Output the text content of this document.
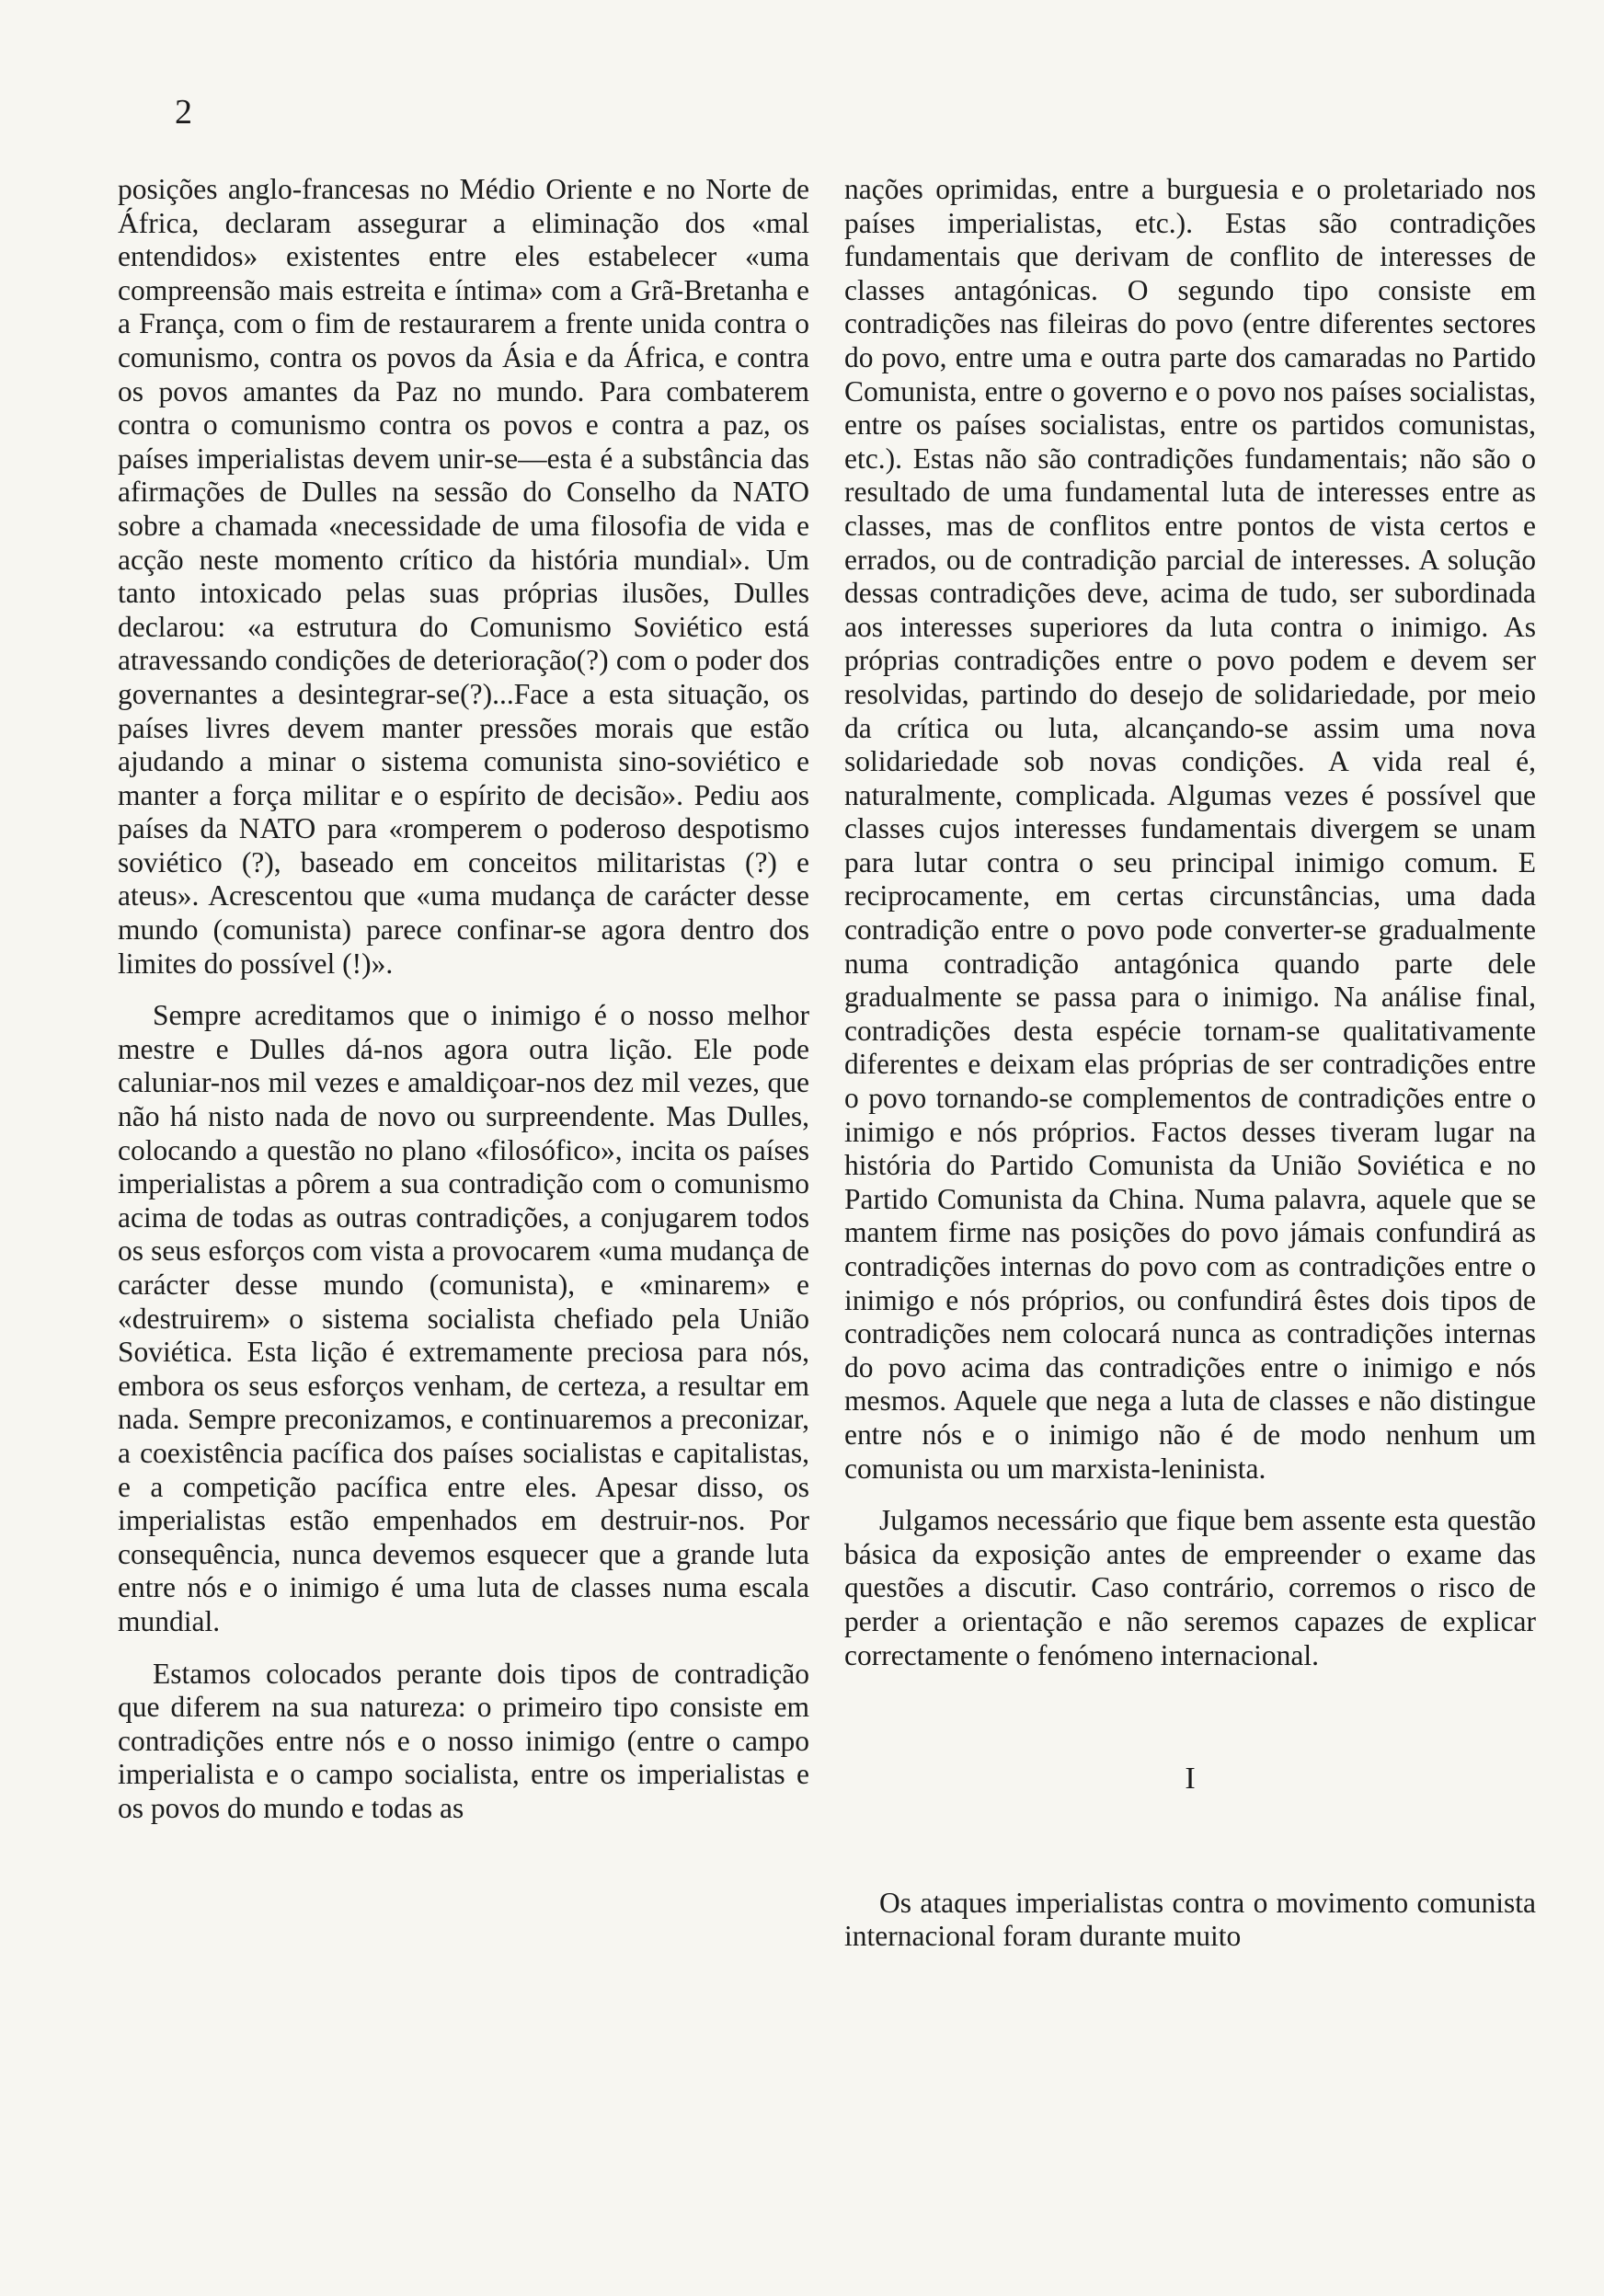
2

posições anglo-francesas no Médio Oriente e no Norte de África, declaram assegurar a eliminação dos «mal entendidos» existentes entre eles estabelecer «uma compreensão mais estreita e íntima» com a Grã-Bretanha e a França, com o fim de restaurarem a frente unida contra o comunismo, contra os povos da Ásia e da África, e contra os povos amantes da Paz no mundo. Para combaterem contra o comunismo contra os povos e contra a paz, os países imperialistas devem unir-se—esta é a substância das afirmações de Dulles na sessão do Conselho da NATO sobre a chamada «necessidade de uma filosofia de vida e acção neste momento crítico da história mundial». Um tanto intoxicado pelas suas próprias ilusões, Dulles declarou: «a estrutura do Comunismo Soviético está atravessando condições de deterioração(?) com o poder dos governantes a desintegrar-se(?)...Face a esta situação, os países livres devem manter pressões morais que estão ajudando a minar o sistema comunista sino-soviético e manter a força militar e o espírito de decisão». Pediu aos países da NATO para «romperem o poderoso despotismo soviético (?), baseado em conceitos militaristas (?) e ateus». Acrescentou que «uma mudança de carácter desse mundo (comunista) parece confinar-se agora dentro dos limites do possível (!)».

Sempre acreditamos que o inimigo é o nosso melhor mestre e Dulles dá-nos agora outra lição. Ele pode caluniar-nos mil vezes e amaldiçoar-nos dez mil vezes, que não há nisto nada de novo ou surpreendente. Mas Dulles, colocando a questão no plano «filosófico», incita os países imperialistas a pôrem a sua contradição com o comunismo acima de todas as outras contradições, a conjugarem todos os seus esforços com vista a provocarem «uma mudança de carácter desse mundo (comunista), e «minarem» e «destruirem» o sistema socialista chefiado pela União Soviética. Esta lição é extremamente preciosa para nós, embora os seus esforços venham, de certeza, a resultar em nada. Sempre preconizamos, e continuaremos a preconizar, a coexistência pacífica dos países socialistas e capitalistas, e a competição pacífica entre eles. Apesar disso, os imperialistas estão empenhados em destruir-nos. Por consequência, nunca devemos esquecer que a grande luta entre nós e o inimigo é uma luta de classes numa escala mundial.

Estamos colocados perante dois tipos de contradição que diferem na sua natureza: o primeiro tipo consiste em contradições entre nós e o nosso inimigo (entre o campo imperialista e o campo socialista, entre os imperialistas e os povos do mundo e todas as

nações oprimidas, entre a burguesia e o proletariado nos países imperialistas, etc.). Estas são contradições fundamentais que derivam de conflito de interesses de classes antagónicas. O segundo tipo consiste em contradições nas fileiras do povo (entre diferentes sectores do povo, entre uma e outra parte dos camaradas no Partido Comunista, entre o governo e o povo nos países socialistas, entre os países socialistas, entre os partidos comunistas, etc.). Estas não são contradições fundamentais; não são o resultado de uma fundamental luta de interesses entre as classes, mas de conflitos entre pontos de vista certos e errados, ou de contradição parcial de interesses. A solução dessas contradições deve, acima de tudo, ser subordinada aos interesses superiores da luta contra o inimigo. As próprias contradições entre o povo podem e devem ser resolvidas, partindo do desejo de solidariedade, por meio da crítica ou luta, alcançando-se assim uma nova solidariedade sob novas condições. A vida real é, naturalmente, complicada. Algumas vezes é possível que classes cujos interesses fundamentais divergem se unam para lutar contra o seu principal inimigo comum. E reciprocamente, em certas circunstâncias, uma dada contradição entre o povo pode converter-se gradualmente numa contradição antagónica quando parte dele gradualmente se passa para o inimigo. Na análise final, contradições desta espécie tornam-se qualitativamente diferentes e deixam elas próprias de ser contradições entre o povo tornando-se complementos de contradições entre o inimigo e nós próprios. Factos desses tiveram lugar na história do Partido Comunista da União Soviética e no Partido Comunista da China. Numa palavra, aquele que se mantem firme nas posições do povo jámais confundirá as contradições internas do povo com as contradições entre o inimigo e nós próprios, ou confundirá êstes dois tipos de contradições nem colocará nunca as contradições internas do povo acima das contradições entre o inimigo e nós mesmos. Aquele que nega a luta de classes e não distingue entre nós e o inimigo não é de modo nenhum um comunista ou um marxista-leninista.

Julgamos necessário que fique bem assente esta questão básica da exposição antes de empreender o exame das questões a discutir. Caso contrário, corremos o risco de perder a orientação e não seremos capazes de explicar correctamente o fenómeno internacional.

I

Os ataques imperialistas contra o movimento comunista internacional foram durante muito
